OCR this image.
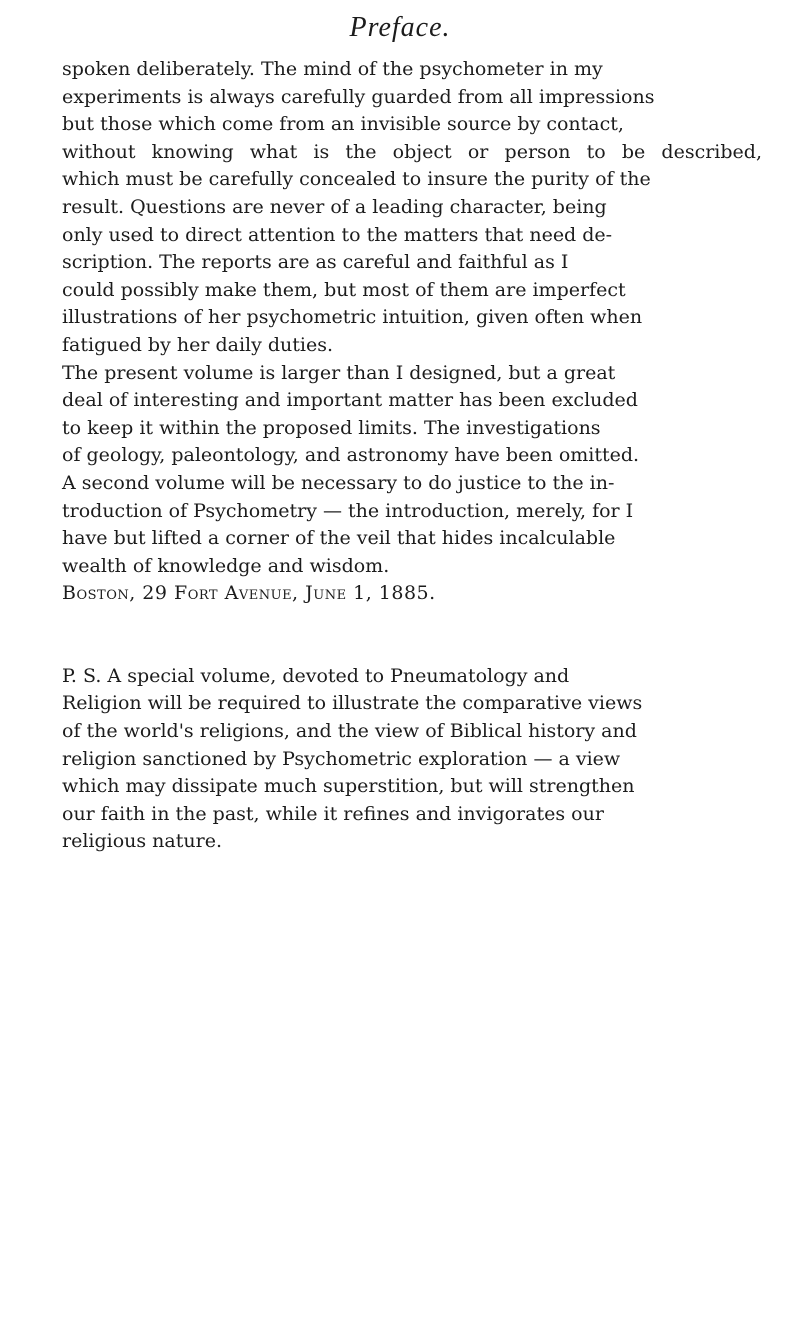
Preface.

spoken deliberately. The mind of the psychometer in my
experiments is always carefully guarded from all impressions
but those which come from an invisible source by contact,
without knowing what is the object or person to be described,
which must be carefully concealed to insure the purity of the
result. Questions are never of a leading character, being
only used to direct attention to the matters that need de-
scription. The reports are as careful and faithful as I
could possibly make them, but most of them are imperfect
illustrations of her psychometric intuition, given often when
fatigued by her daily duties.

The present volume is larger than I designed, but a great
deal of interesting and important matter has been excluded
to keep it within the proposed limits. The investigations
of geology, paleontology, and astronomy have been omitted.
A second volume will be necessary to do justice to the in-
troduction of Psychometry — the introduction, merely, for I
have but lifted a corner of the veil that hides incalculable
wealth of knowledge and wisdom.

Boston, 29 Fort Avenue, June 1, 1885.

P. S. A special volume, devoted to Pneumatology and
Religion will be required to illustrate the comparative views
of the world's religions, and the view of Biblical history and
religion sanctioned by Psychometric exploration — a view
which may dissipate much superstition, but will strengthen
our faith in the past, while it refines and invigorates our
religious nature.
